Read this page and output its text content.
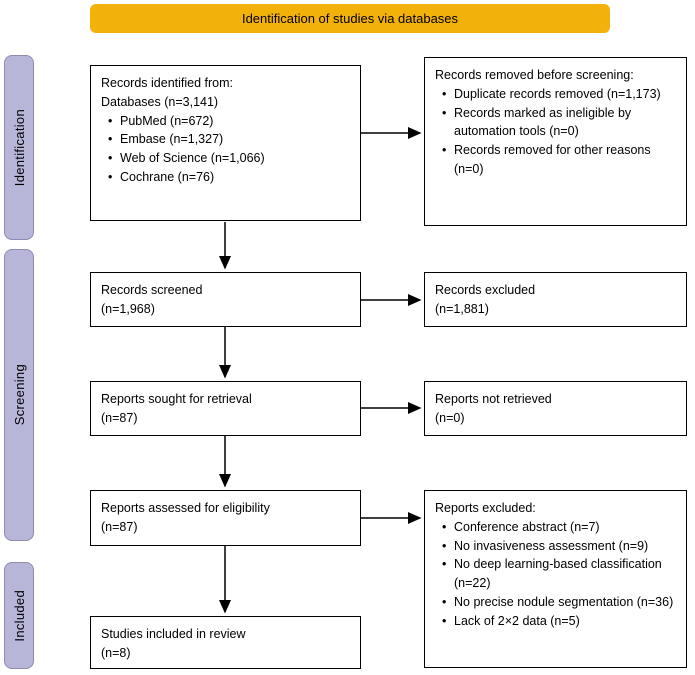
Identification of studies via databases
Identification
Screening
Included
Records identified from:
Databases (n=3,141)
• PubMed (n=672)
• Embase (n=1,327)
• Web of Science (n=1,066)
• Cochrane (n=76)
Records screened
(n=1,968)
Reports sought for retrieval
(n=87)
Reports assessed for eligibility
(n=87)
Studies included in review
(n=8)
Records removed before screening:
• Duplicate records removed (n=1,173)
• Records marked as ineligible by automation tools (n=0)
• Records removed for other reasons (n=0)
Records excluded
(n=1,881)
Reports not retrieved
(n=0)
Reports excluded:
• Conference abstract (n=7)
• No invasiveness assessment (n=9)
• No deep learning-based classification (n=22)
• No precise nodule segmentation (n=36)
• Lack of 2×2 data (n=5)
